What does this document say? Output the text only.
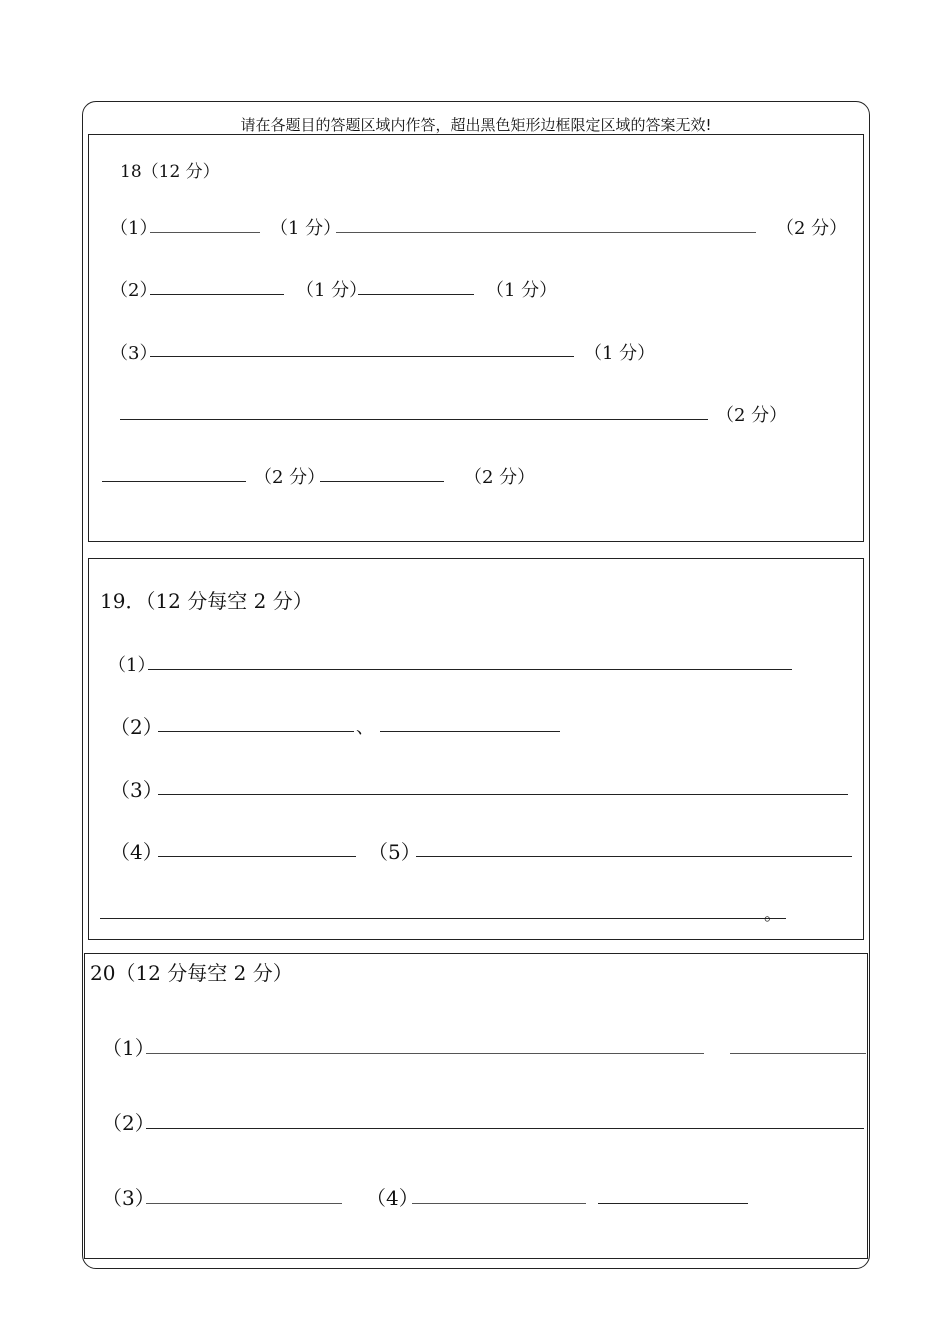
请在各题目的答题区域内作答，超出黑色矩形边框限定区域的答案无效!
18（12 分）
（1）	（1 分）	（2 分）
（2）	（1 分）	（1 分）
（3）	（1 分）
（2 分）
（2 分）	（2 分）
19．（12 分每空 2 分）
（1）
（2）	、
（3）
（4）	（5）
。
20（12 分每空 2 分）
（1）
（2）
（3）	（4）
